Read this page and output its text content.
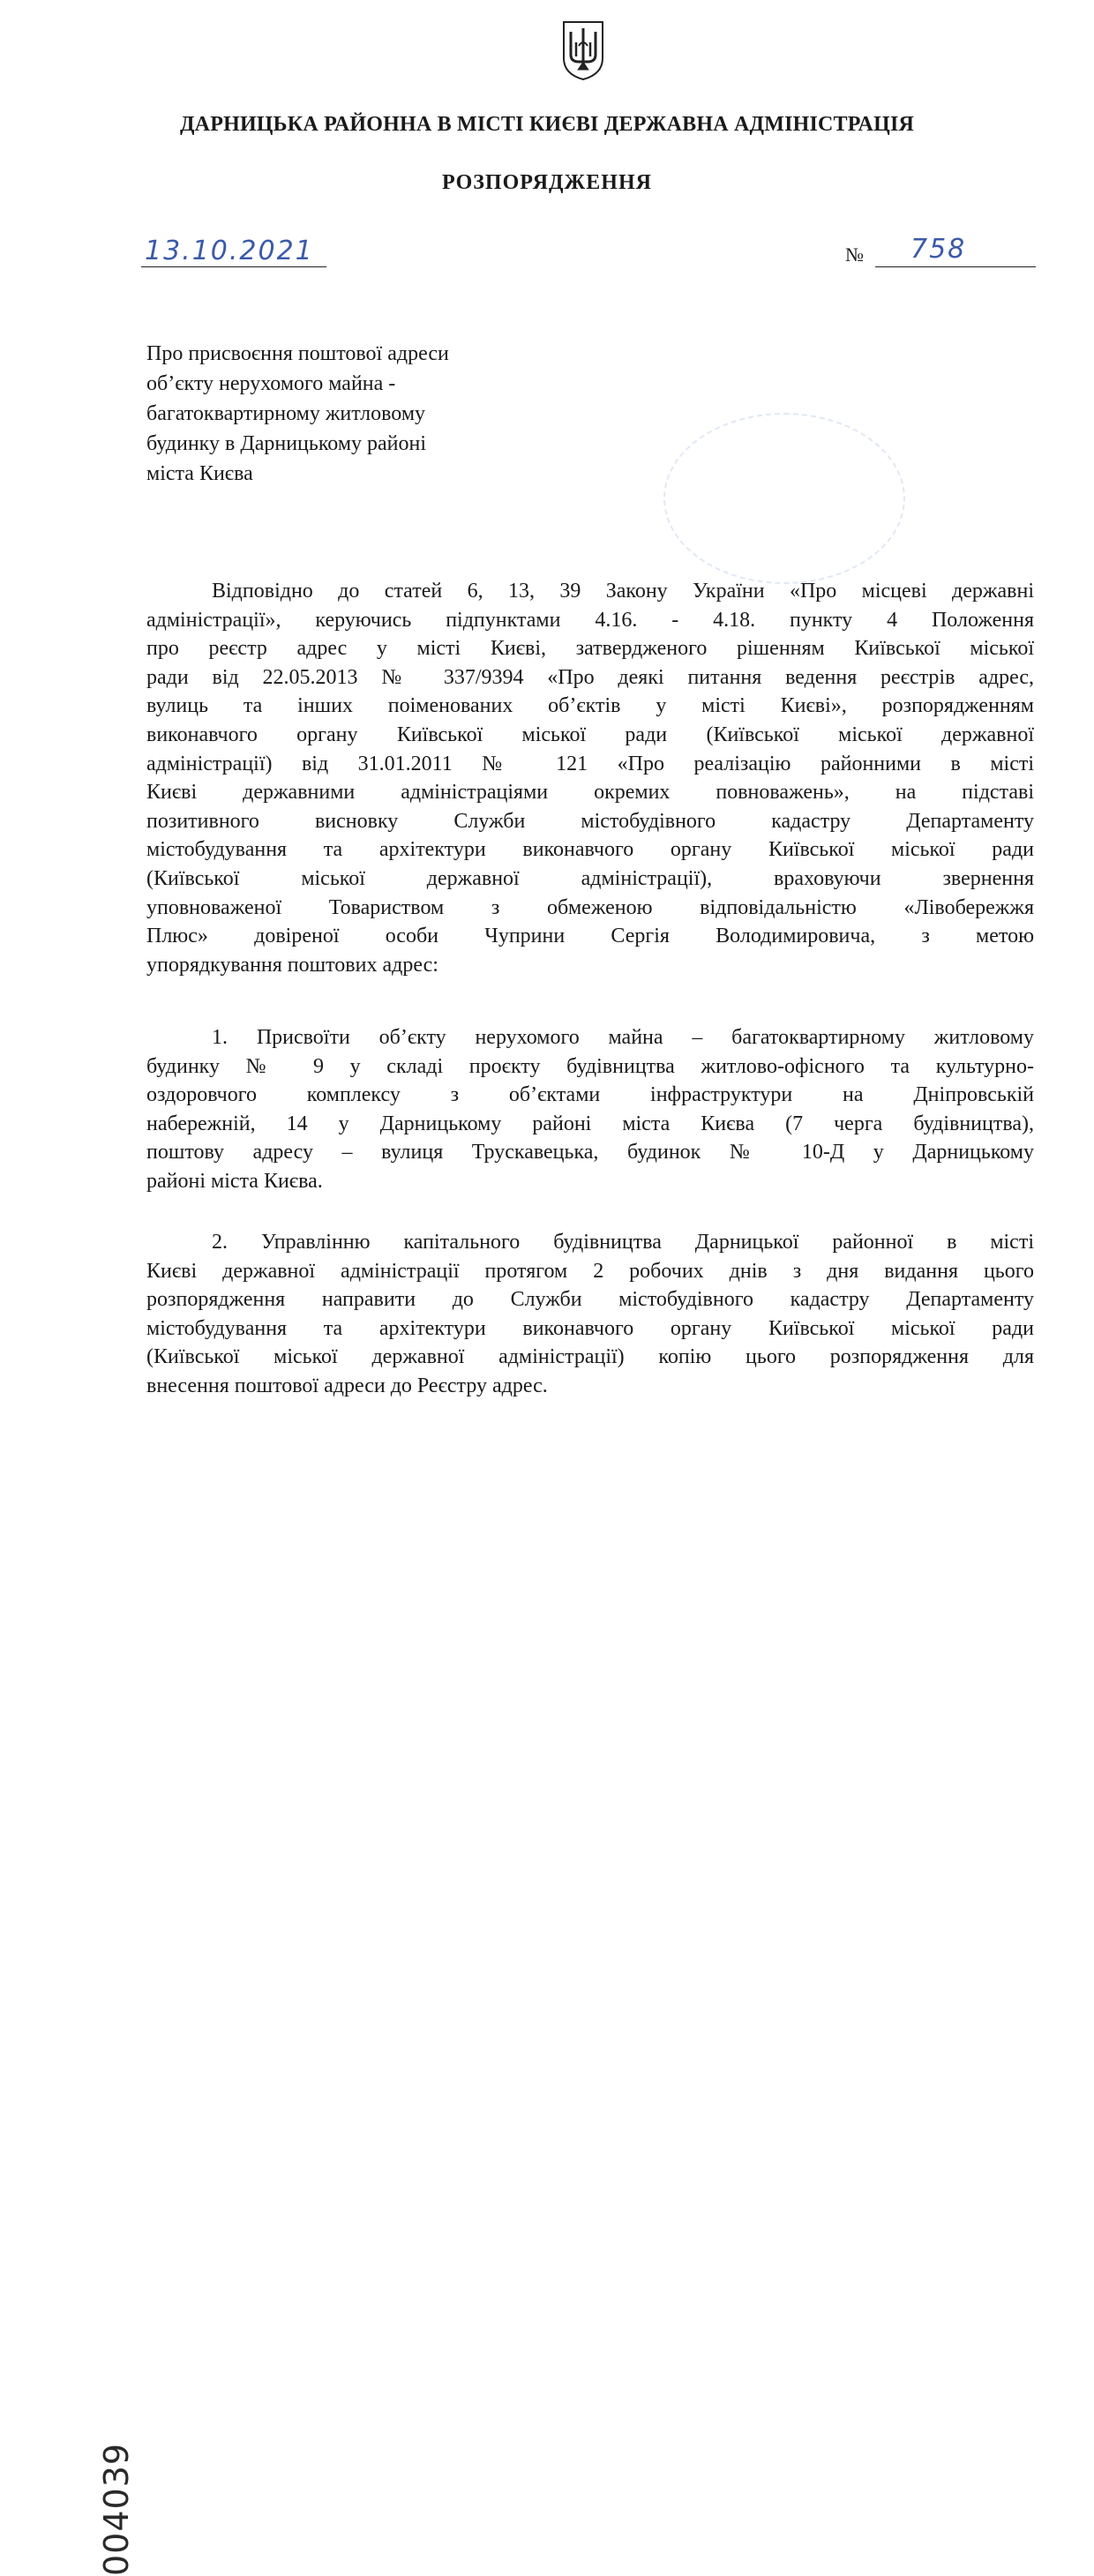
ДАРНИЦЬКА РАЙОННА В МІСТІ КИЄВІ ДЕРЖАВНА АДМІНІСТРАЦІЯ
РОЗПОРЯДЖЕННЯ
13.10.2021	№ 758
Про присвоєння поштової адреси
об’єкту нерухомого майна -
багатоквартирному житловому
будинку в Дарницькому районі
міста Києва
Відповідно до статей 6, 13, 39 Закону України «Про місцеві державні
адміністрації», керуючись підпунктами 4.16. - 4.18. пункту 4 Положення
про реєстр адрес у місті Києві, затвердженого рішенням Київської міської
ради від 22.05.2013 № 337/9394 «Про деякі питання ведення реєстрів адрес,
вулиць та інших поіменованих об’єктів у місті Києві», розпорядженням
виконавчого органу Київської міської ради (Київської міської державної
адміністрації) від 31.01.2011 № 121 «Про реалізацію районними в місті
Києві державними адміністраціями окремих повноважень», на підставі
позитивного висновку Служби містобудівного кадастру Департаменту
містобудування та архітектури виконавчого органу Київської міської ради
(Київської міської державної адміністрації), враховуючи звернення
уповноваженої Товариством з обмеженою відповідальністю «Лівобережжя
Плюс» довіреної особи Чуприни Сергія Володимировича, з метою
упорядкування поштових адрес:
1. Присвоїти об’єкту нерухомого майна – багатоквартирному житловому
будинку № 9 у складі проєкту будівництва житлово-офісного та культурно-
оздоровчого комплексу з об’єктами інфраструктури на Дніпровській
набережній, 14 у Дарницькому районі міста Києва (7 черга будівництва),
поштову адресу – вулиця Трускавецька, будинок № 10-Д у Дарницькому
районі міста Києва.
2. Управлінню капітального будівництва Дарницької районної в місті
Києві державної адміністрації протягом 2 робочих днів з дня видання цього
розпорядження направити до Служби містобудівного кадастру Департаменту
містобудування та архітектури виконавчого органу Київської міської ради
(Київської міської державної адміністрації) копію цього розпорядження для
внесення поштової адреси до Реєстру адрес.
004039
